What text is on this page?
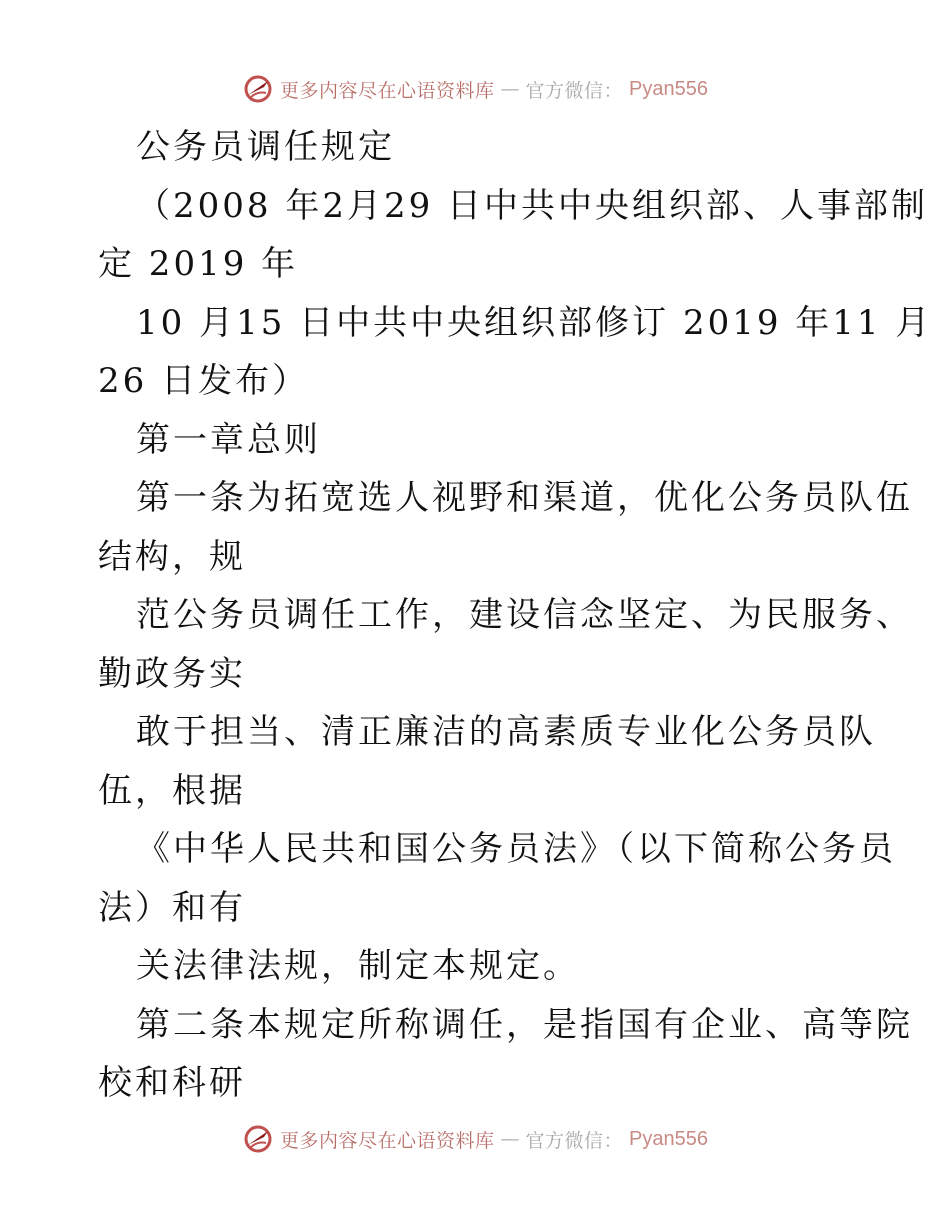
更多内容尽在心语资料库 — 官方微信： Pyan556

公务员调任规定

（2008 年2月29 日中共中央组织部、人事部制

定 2019 年

10 月15 日中共中央组织部修订 2019 年11 月

26 日发布）

第一章总则

第一条为拓宽选人视野和渠道，优化公务员队伍

结构，规

范公务员调任工作，建设信念坚定、为民服务、

勤政务实

敢于担当、清正廉洁的高素质专业化公务员队

伍，根据

《中华人民共和国公务员法》（以下简称公务员

法）和有

关法律法规，制定本规定。

第二条本规定所称调任，是指国有企业、高等院

校和科研

更多内容尽在心语资料库 — 官方微信： Pyan556
